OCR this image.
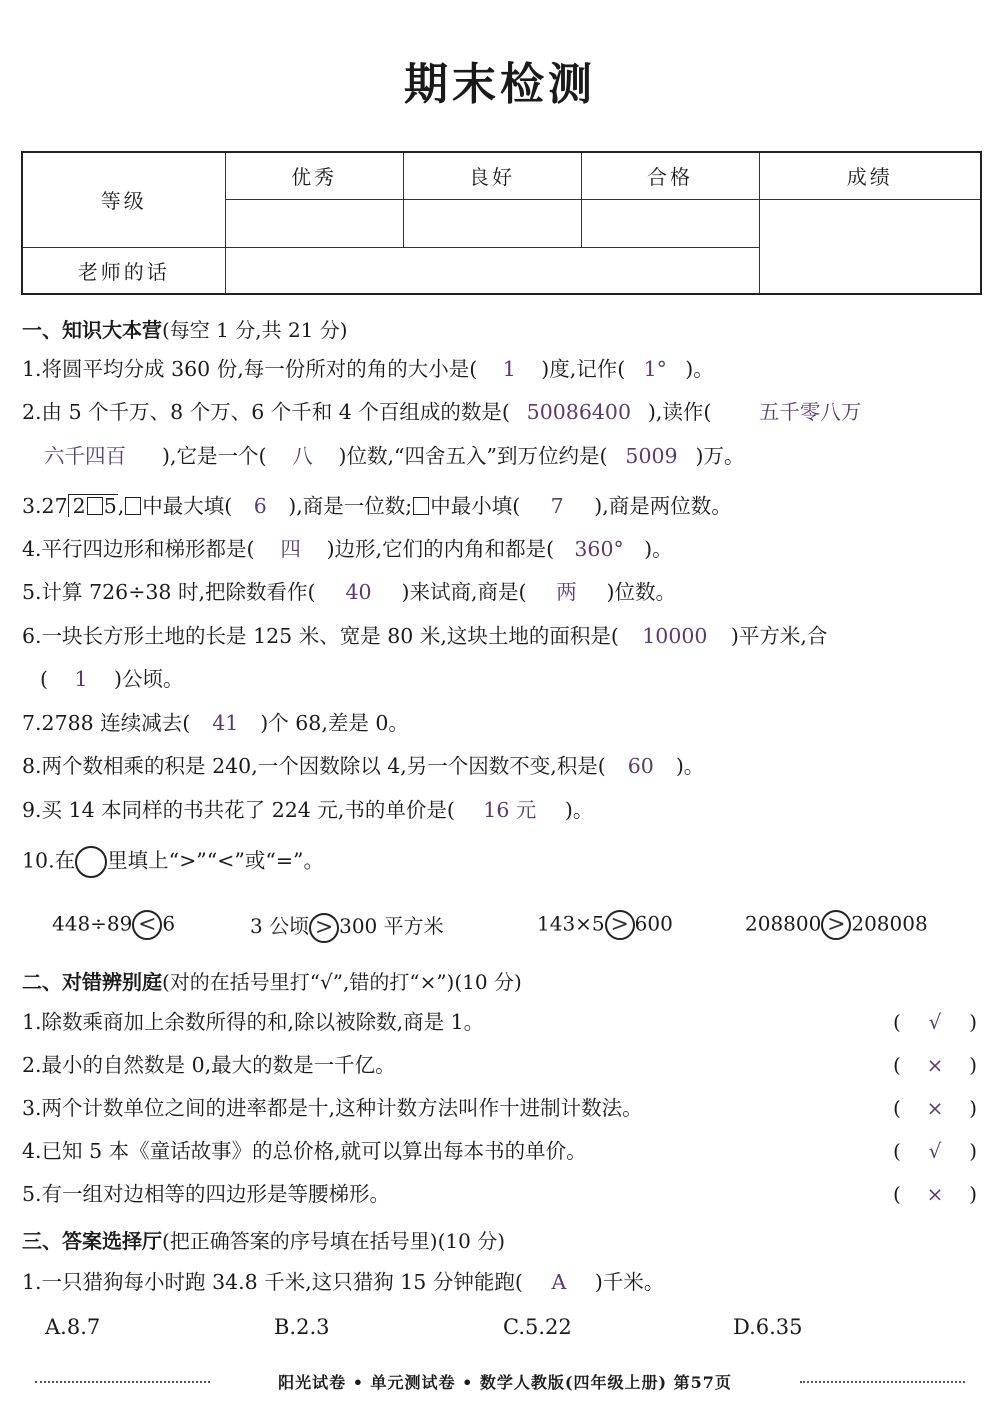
期末检测
等级	优秀	良好	合格	成绩

老师的话				
一、知识大本营(每空 1 分,共 21 分)
1.将圆平均分成 360 份,每一份所对的角的大小是( 1 )度,记作( 1° )。
2.由 5 个千万、8 个万、6 个千和 4 个百组成的数是( 50086400 ),读作( 五千零八万
六千四百 ),它是一个( 八 )位数,“四舍五入”到万位约是( 5009 )万。
3.27 2 5, 中最大填( 6 ),商是一位数; 中最小填( 7 ),商是两位数。
4.平行四边形和梯形都是( 四 )边形,它们的内角和都是( 360° )。
5.计算 726÷38 时,把除数看作( 40 )来试商,商是( 两 )位数。
6.一块长方形土地的长是 125 米、宽是 80 米,这块土地的面积是( 10000 )平方米,合
( 1 )公顷。
7.2788 连续减去( 41 )个 68,差是 0。
8.两个数相乘的积是 240,一个因数除以 4,另一个因数不变,积是( 60 )。
9.买 14 本同样的书共花了 224 元,书的单价是( 16 元 )。
10.在 里填上“>”“<”或“=”。
448÷89 < 6	3 公顷 > 300 平方米	143×5 > 600	208800 > 208008
二、对错辨别庭(对的在括号里打“√”,错的打“×”)(10 分)
1.除数乘商加上余数所得的和,除以被除数,商是 1。	(	√	)
2.最小的自然数是 0,最大的数是一千亿。	(	×	)
3.两个计数单位之间的进率都是十,这种计数方法叫作十进制计数法。	(	×	)
4.已知 5 本《童话故事》的总价格,就可以算出每本书的单价。	(	√	)
5.有一组对边相等的四边形是等腰梯形。	(	×	)
三、答案选择厅(把正确答案的序号填在括号里)(10 分)
1.一只猎狗每小时跑 34.8 千米,这只猎狗 15 分钟能跑( A )千米。
A.8.7	B.2.3	C.5.22	D.6.35
阳光试卷 • 单元测试卷 • 数学人教版(四年级上册) 第57页
